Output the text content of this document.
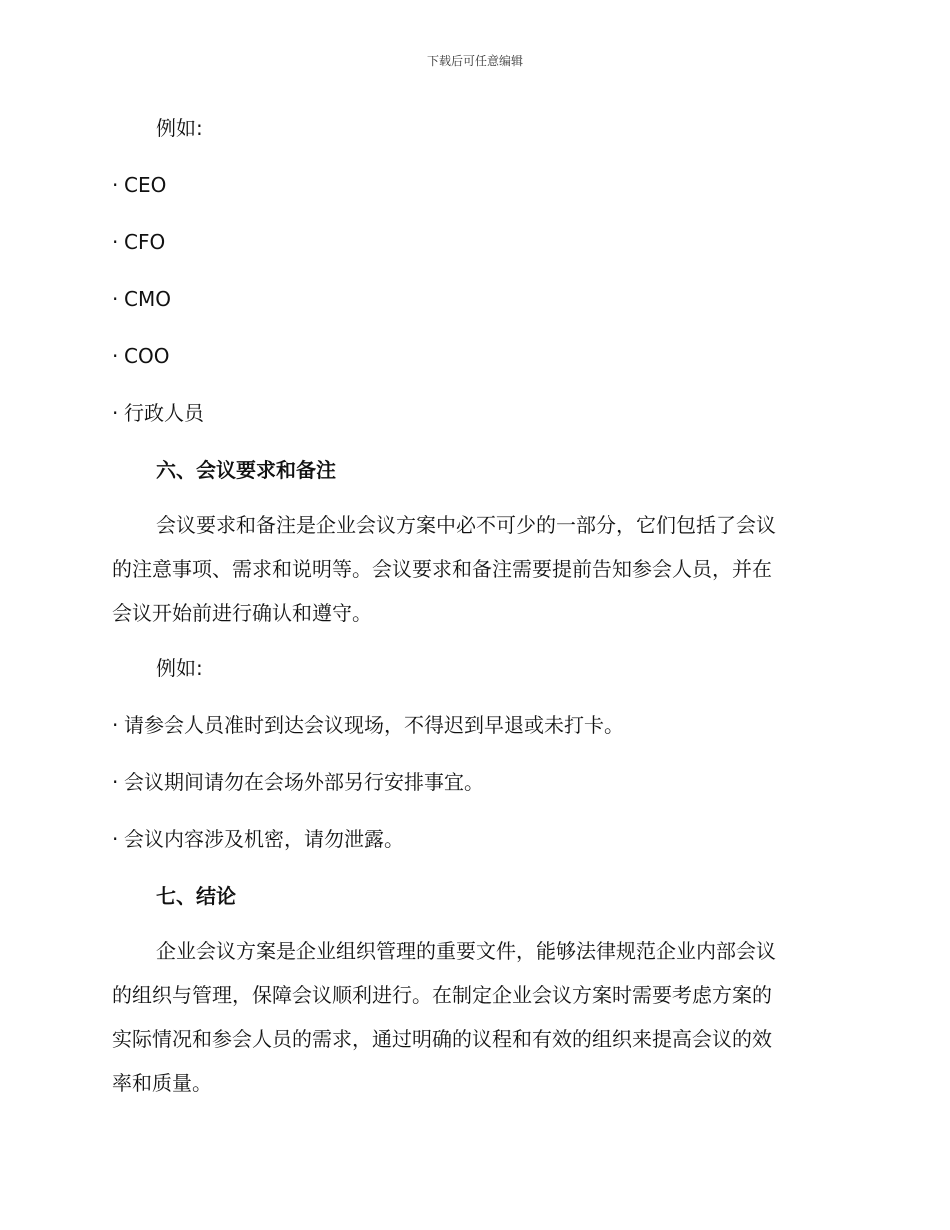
下载后可任意编辑

例如:

· CEO

· CFO

· CMO

· COO

· 行政人员

六、会议要求和备注

会议要求和备注是企业会议方案中必不可少的一部分，它们包括了会议

的注意事项、需求和说明等。会议要求和备注需要提前告知参会人员，并在

会议开始前进行确认和遵守。

例如:

· 请参会人员准时到达会议现场，不得迟到早退或未打卡。

· 会议期间请勿在会场外部另行安排事宜。

· 会议内容涉及机密，请勿泄露。

七、结论

企业会议方案是企业组织管理的重要文件，能够法律规范企业内部会议

的组织与管理，保障会议顺利进行。在制定企业会议方案时需要考虑方案的

实际情况和参会人员的需求，通过明确的议程和有效的组织来提高会议的效

率和质量。
